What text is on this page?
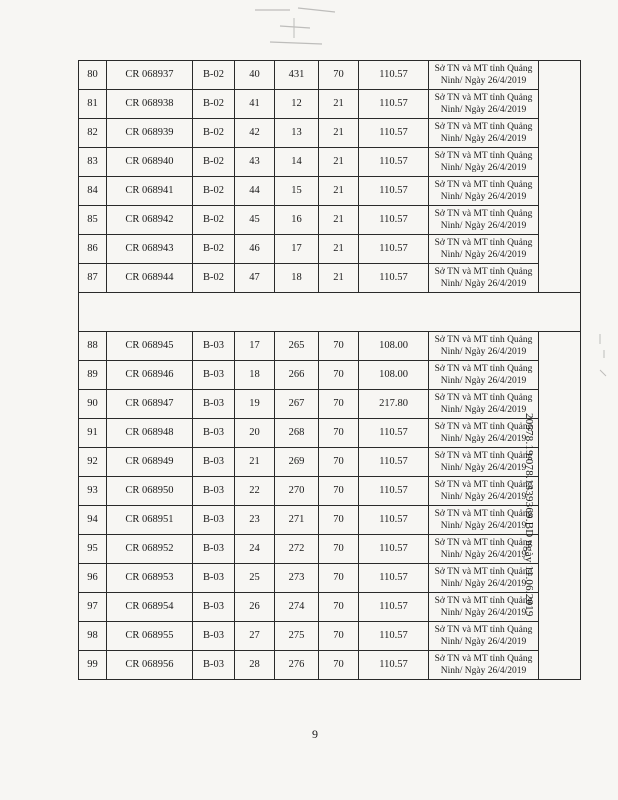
80	CR 068937	B-02	40	431	70	110.57	Sở TN và MT tỉnh Quảng
Ninh/ Ngày 26/4/2019	

81	CR 068938	B-02	41	12	21	110.57	Sở TN và MT tỉnh Quảng
Ninh/ Ngày 26/4/2019	

82	CR 068939	B-02	42	13	21	110.57	Sở TN và MT tỉnh Quảng
Ninh/ Ngày 26/4/2019	

83	CR 068940	B-02	43	14	21	110.57	Sở TN và MT tỉnh Quảng
Ninh/ Ngày 26/4/2019	

84	CR 068941	B-02	44	15	21	110.57	Sở TN và MT tỉnh Quảng
Ninh/ Ngày 26/4/2019	

85	CR 068942	B-02	45	16	21	110.57	Sở TN và MT tỉnh Quảng
Ninh/ Ngày 26/4/2019	

86	CR 068943	B-02	46	17	21	110.57	Sở TN và MT tỉnh Quảng
Ninh/ Ngày 26/4/2019	

87	CR 068944	B-02	47	18	21	110.57	Sở TN và MT tỉnh Quảng
Ninh/ Ngày 26/4/2019	

88	CR 068945	B-03	17	265	70	108.00	Sở TN và MT tỉnh Quảng
Ninh/ Ngày 26/4/2019	

89	CR 068946	B-03	18	266	70	108.00	Sở TN và MT tỉnh Quảng
Ninh/ Ngày 26/4/2019	

90	CR 068947	B-03	19	267	70	217.80	Sở TN và MT tỉnh Quảng
Ninh/ Ngày 26/4/2019	

91	CR 068948	B-03	20	268	70	110.57	Sở TN và MT tỉnh Quảng
Ninh/ Ngày 26/4/2019	

92	CR 068949	B-03	21	269	70	110.57	Sở TN và MT tỉnh Quảng
Ninh/ Ngày 26/4/2019	

93	CR 068950	B-03	22	270	70	110.57	Sở TN và MT tỉnh Quảng
Ninh/ Ngày 26/4/2019	

94	CR 068951	B-03	23	271	70	110.57	Sở TN và MT tỉnh Quảng
Ninh/ Ngày 26/4/2019	

95	CR 068952	B-03	24	272	70	110.57	Sở TN và MT tỉnh Quảng
Ninh/ Ngày 26/4/2019	

96	CR 068953	B-03	25	273	70	110.57	Sở TN và MT tỉnh Quảng
Ninh/ Ngày 26/4/2019	

97	CR 068954	B-03	26	274	70	110.57	Sở TN và MT tỉnh Quảng
Ninh/ Ngày 26/4/2019	

98	CR 068955	B-03	27	275	70	110.57	Sở TN và MT tỉnh Quảng
Ninh/ Ngày 26/4/2019	

99	CR 068956	B-03	28	276	70	110.57	Sở TN và MT tỉnh Quảng
Ninh/ Ngày 26/4/2019	
20578.19.078.1339369.BD ngày 11.06.2019
9
